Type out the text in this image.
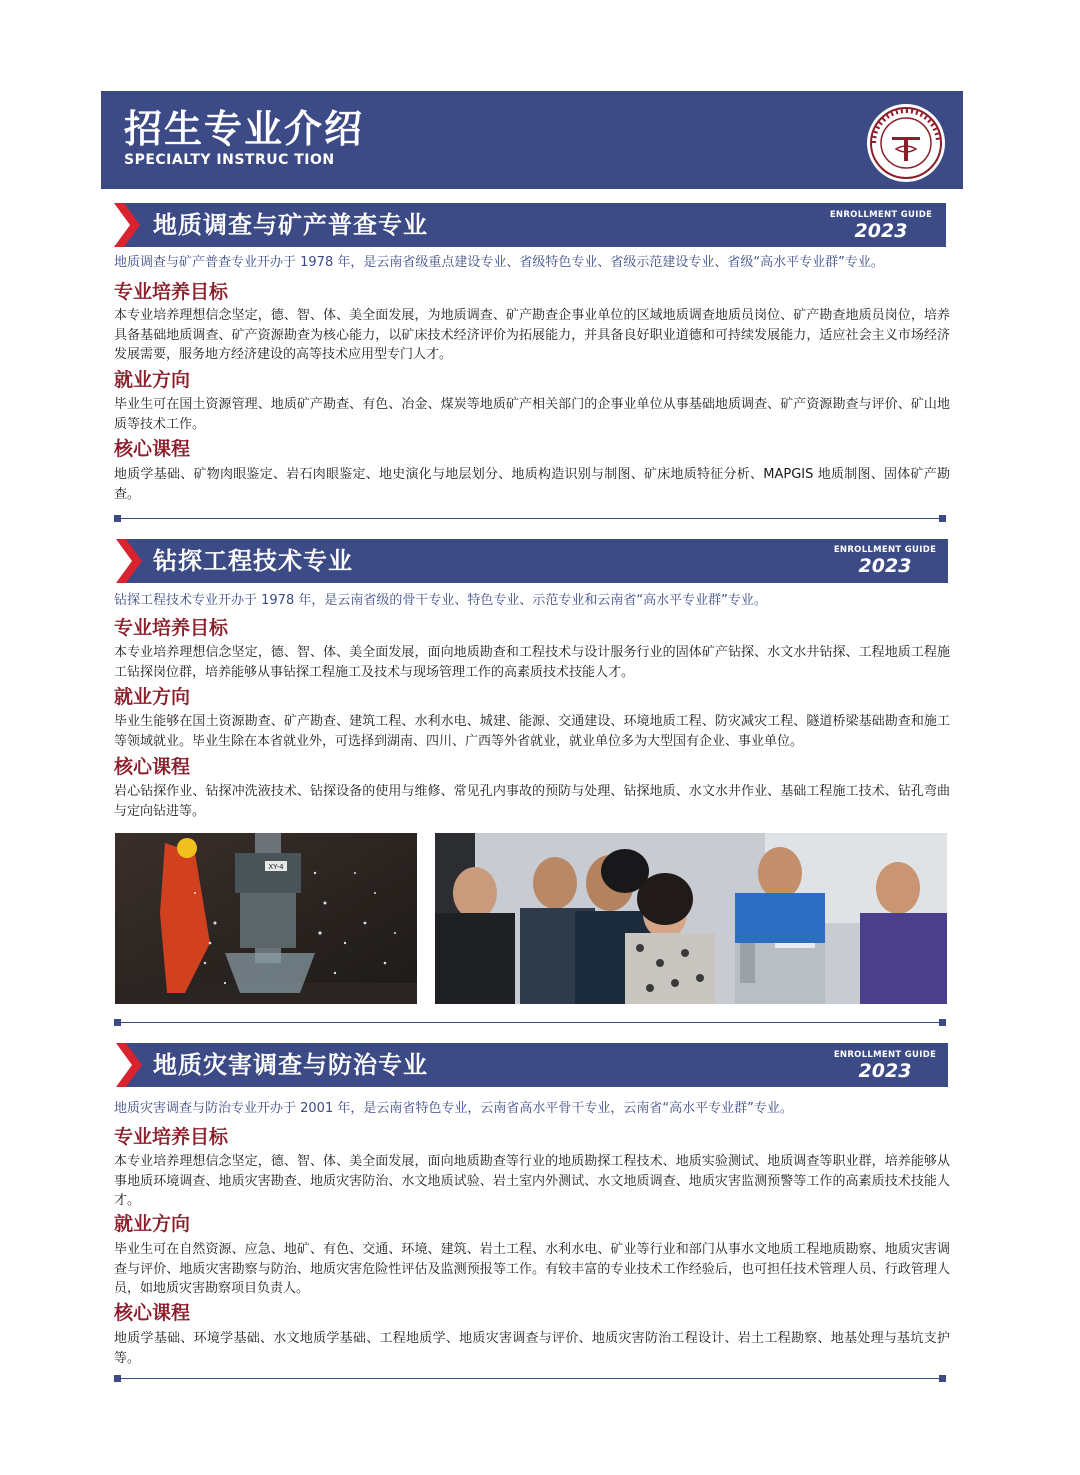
招生专业介绍
SPECIALTY INSTRUC TION
地质调查与矿产普查专业	ENROLLMENT GUIDE
2023
地质调查与矿产普查专业开办于 1978 年，是云南省级重点建设专业、省级特色专业、省级示范建设专业、省级“高水平专业群”专业。
专业培养目标
本专业培养理想信念坚定，德、智、体、美全面发展，为地质调查、矿产勘查企事业单位的区域地质调查地质员岗位、矿产勘查地质员岗位，培养具备基础地质调查、矿产资源勘查为核心能力，以矿床技术经济评价为拓展能力，并具备良好职业道德和可持续发展能力，适应社会主义市场经济发展需要，服务地方经济建设的高等技术应用型专门人才。
就业方向
毕业生可在国土资源管理、地质矿产勘查、有色、冶金、煤炭等地质矿产相关部门的企事业单位从事基础地质调查、矿产资源勘查与评价、矿山地质等技术工作。
核心课程
地质学基础、矿物肉眼鉴定、岩石肉眼鉴定、地史演化与地层划分、地质构造识别与制图、矿床地质特征分析、MAPGIS 地质制图、固体矿产勘查。
钻探工程技术专业	ENROLLMENT GUIDE
2023
钻探工程技术专业开办于 1978 年，是云南省级的骨干专业、特色专业、示范专业和云南省“高水平专业群”专业。
专业培养目标
本专业培养理想信念坚定，德、智、体、美全面发展，面向地质勘查和工程技术与设计服务行业的固体矿产钻探、水文水井钻探、工程地质工程施工钻探岗位群，培养能够从事钻探工程施工及技术与现场管理工作的高素质技术技能人才。
就业方向
毕业生能够在国土资源勘查、矿产勘查、建筑工程、水利水电、城建、能源、交通建设、环境地质工程、防灾减灾工程、隧道桥梁基础勘查和施工等领域就业。毕业生除在本省就业外，可选择到湖南、四川、广西等外省就业，就业单位多为大型国有企业、事业单位。
核心课程
岩心钻探作业、钻探冲洗液技术、钻探设备的使用与维修、常见孔内事故的预防与处理、钻探地质、水文水井作业、基础工程施工技术、钻孔弯曲与定向钻进等。
XY-4
地质灾害调查与防治专业	ENROLLMENT GUIDE
2023
地质灾害调查与防治专业开办于 2001 年，是云南省特色专业，云南省高水平骨干专业，云南省“高水平专业群”专业。
专业培养目标
本专业培养理想信念坚定，德、智、体、美全面发展，面向地质勘查等行业的地质勘探工程技术、地质实验测试、地质调查等职业群，培养能够从事地质环境调查、地质灾害勘查、地质灾害防治、水文地质试验、岩土室内外测试、水文地质调查、地质灾害监测预警等工作的高素质技术技能人才。
就业方向
毕业生可在自然资源、应急、地矿、有色、交通、环境、建筑、岩土工程、水利水电、矿业等行业和部门从事水文地质工程地质勘察、地质灾害调查与评价、地质灾害勘察与防治、地质灾害危险性评估及监测预报等工作。有较丰富的专业技术工作经验后，也可担任技术管理人员、行政管理人员，如地质灾害勘察项目负责人。
核心课程
地质学基础、环境学基础、水文地质学基础、工程地质学、地质灾害调查与评价、地质灾害防治工程设计、岩土工程勘察、地基处理与基坑支护等。
